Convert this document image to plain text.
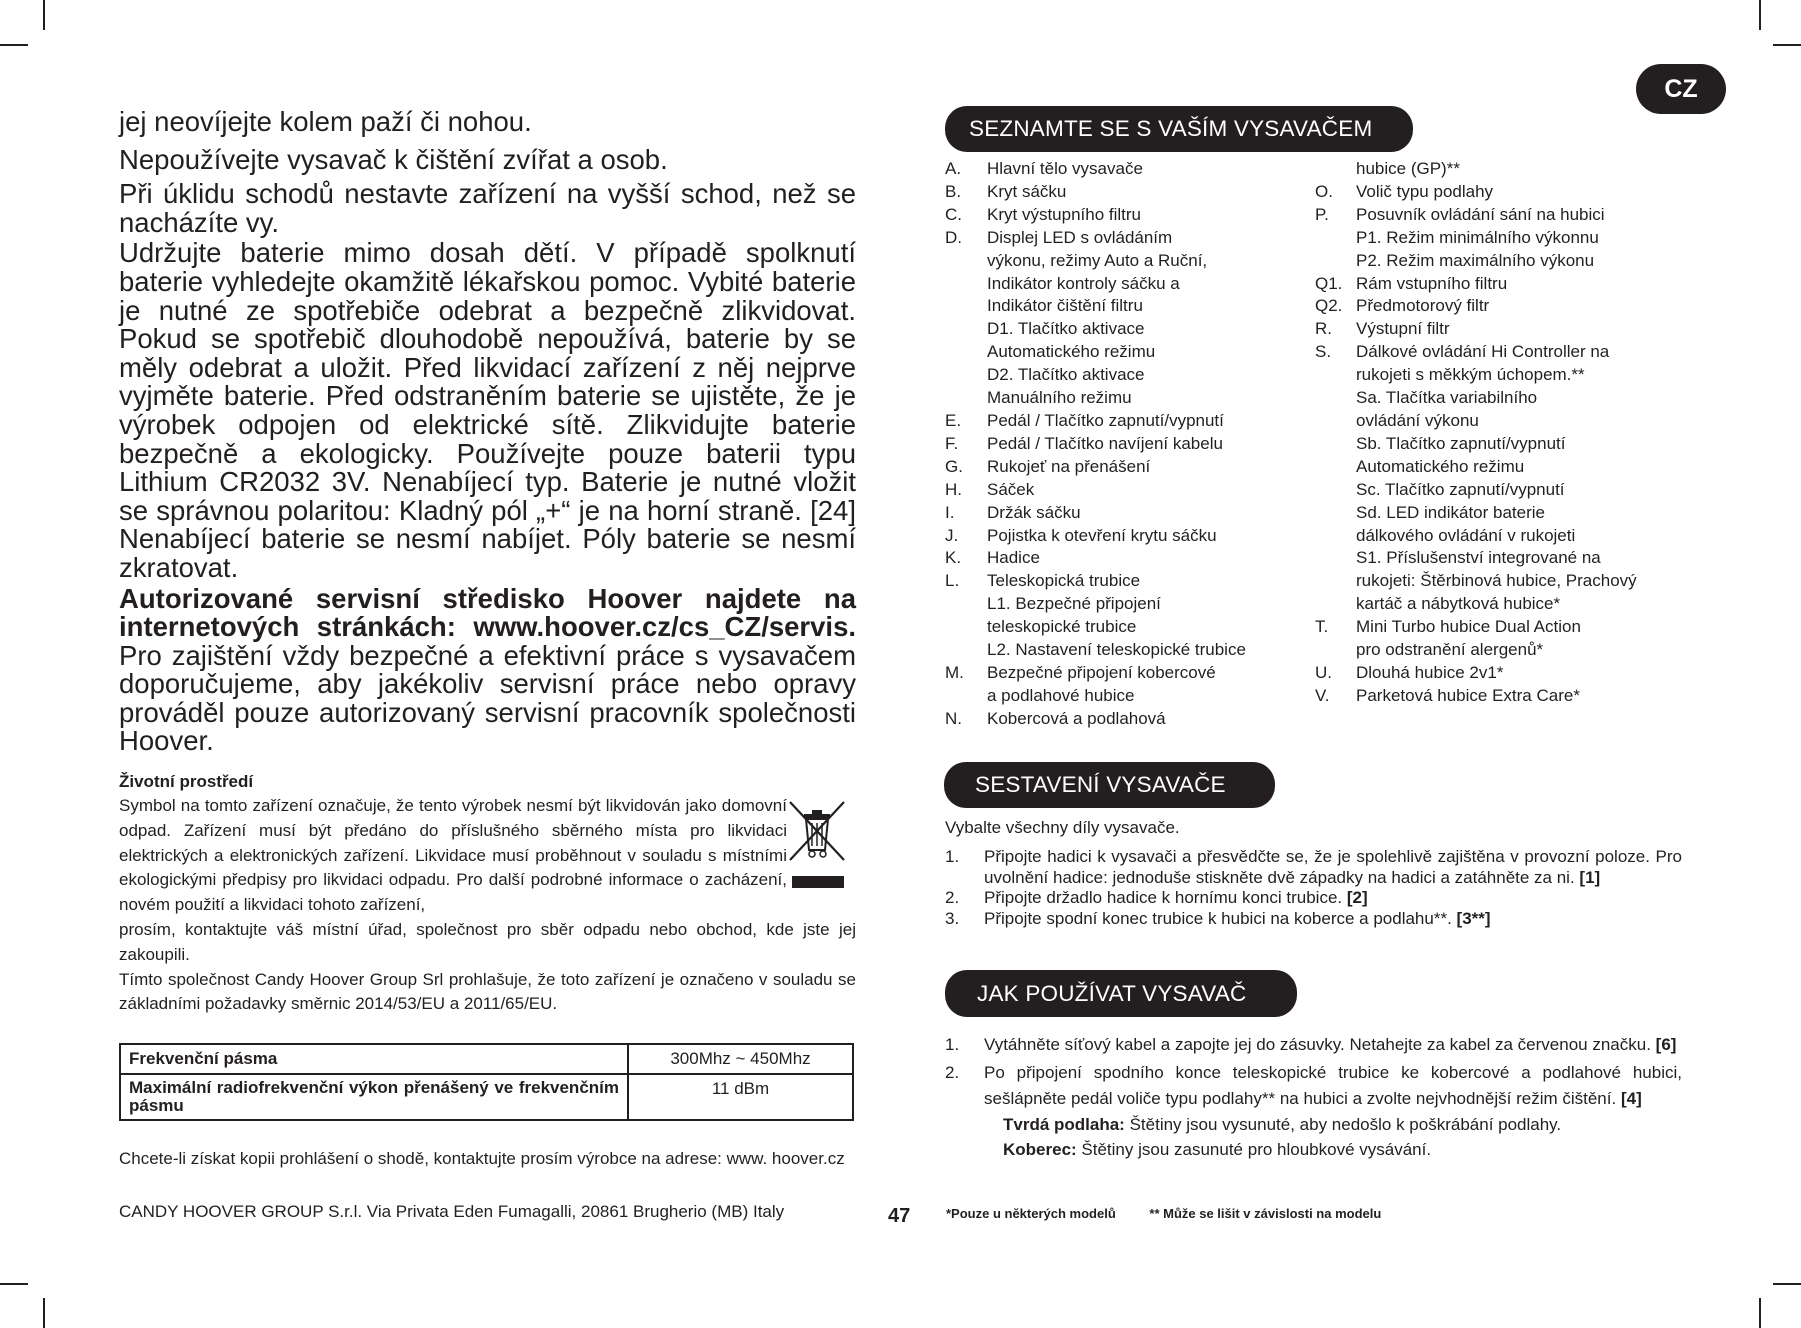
CZ

jej neovíjejte kolem paží či nohou.

Nepoužívejte vysavač k čištění zvířat a osob.

Při úklidu schodů nestavte zařízení na vyšší schod, než se nacházíte vy.

Udržujte baterie mimo dosah dětí. V případě spolknutí baterie vyhledejte okamžitě lékařskou pomoc. Vybité baterie je nutné ze spotřebiče odebrat a bezpečně zlikvidovat. Pokud se spotřebič dlouhodobě nepoužívá, baterie by se měly odebrat a uložit. Před likvidací zařízení z něj nejprve vyjměte baterie. Před odstraněním baterie se ujistěte, že je výrobek odpojen od elektrické sítě. Zlikvidujte baterie bezpečně a ekologicky. Používejte pouze baterii typu Lithium CR2032 3V. Nenabíjecí typ. Baterie je nutné vložit se správnou polaritou: Kladný pól „+“ je na horní straně. [24] Nenabíjecí baterie se nesmí nabíjet. Póly baterie se nesmí zkratovat.

Autorizované servisní středisko Hoover najdete na internetových stránkách: www.hoover.cz/cs_CZ/servis. Pro zajištění vždy bezpečné a efektivní práce s vysavačem doporučujeme, aby jakékoliv servisní práce nebo opravy prováděl pouze autorizovaný servisní pracovník společnosti Hoover.

Životní prostředí

Symbol na tomto zařízení označuje, že tento výrobek nesmí být likvidován jako domovní odpad. Zařízení musí být předáno do příslušného sběrného místa pro likvidaci elektrických a elektronických zařízení. Likvidace musí proběhnout v souladu s místními ekologickými předpisy pro likvidaci odpadu. Pro další podrobné informace o zacházení, novém použití a likvidaci tohoto zařízení,

prosím, kontaktujte váš místní úřad, společnost pro sběr odpadu nebo obchod, kde jste jej zakoupili.

Tímto společnost Candy Hoover Group Srl prohlašuje, že toto zařízení je označeno v souladu se základními požadavky směrnic 2014/53/EU a 2011/65/EU.

Frekvenční pásma	300Mhz ~ 450Mhz
Maximální radiofrekvenční výkon přenášený ve frekvenčním pásmu	11 dBm
Chcete-li získat kopii prohlášení o shodě, kontaktujte prosím výrobce na adrese: www. hoover.cz
CANDY HOOVER GROUP S.r.l. Via Privata Eden Fumagalli, 20861 Brugherio (MB) Italy	47
SEZNAMTE SE S VAŠÍM VYSAVAČEM
A.	Hlavní tělo vysavače
B.	Kryt sáčku
C.	Kryt výstupního filtru
D.	Displej LED s ovládáním
výkonu, režimy Auto a Ruční,
Indikátor kontroly sáčku a
Indikátor čištění filtru
D1. Tlačítko aktivace
Automatického režimu
D2. Tlačítko aktivace
Manuálního režimu
E.	Pedál / Tlačítko zapnutí/vypnutí
F.	Pedál / Tlačítko navíjení kabelu
G.	Rukojeť na přenášení
H.	Sáček
I.	Držák sáčku
J.	Pojistka k otevření krytu sáčku
K.	Hadice
L.	Teleskopická trubice
L1. Bezpečné připojení
teleskopické trubice
L2. Nastavení teleskopické trubice
M.	Bezpečné připojení kobercové
a podlahové hubice
N.	Kobercová a podlahová
hubice (GP)**
O.	Volič typu podlahy
P.	Posuvník ovládání sání na hubici
P1. Režim minimálního výkonnu
P2. Režim maximálního výkonu
Q1. Rám vstupního filtru
Q2. Předmotorový filtr
R.	Výstupní filtr
S.	Dálkové ovládání Hi Controller na
rukojeti s měkkým úchopem.**
Sa. Tlačítka variabilního
ovládání výkonu
Sb. Tlačítko zapnutí/vypnutí
Automatického režimu
Sc. Tlačítko zapnutí/vypnutí
Sd. LED indikátor baterie
dálkového ovládání v rukojeti
S1. Příslušenství integrované na
rukojeti: Štěrbinová hubice, Prachový
kartáč a nábytková hubice*
T.	Mini Turbo hubice Dual Action
pro odstranění alergenů*
U.	Dlouhá hubice 2v1*
V.	Parketová hubice Extra Care*
SESTAVENÍ VYSAVAČE

Vybalte všechny díly vysavače.

1.	Připojte hadici k vysavači a přesvědčte se, že je spolehlivě zajištěna v provozní poloze. Pro uvolnění hadice: jednoduše stiskněte dvě západky na hadici a zatáhněte za ni. [1]
2.	Připojte držadlo hadice k hornímu konci trubice. [2]
3.	Připojte spodní konec trubice k hubici na koberce a podlahu**. [3**]
JAK POUŽÍVAT VYSAVAČ
1.	Vytáhněte síťový kabel a zapojte jej do zásuvky. Netahejte za kabel za červenou značku. [6]
2.	Po připojení spodního konce teleskopické trubice ke kobercové a podlahové hubici, sešlápněte pedál voliče typu podlahy** na hubici a zvolte nejvhodnější režim čištění. [4]
Tvrdá podlaha: Štětiny jsou vysunuté, aby nedošlo k poškrábání podlahy.
Koberec: Štětiny jsou zasunuté pro hloubkové vysávání.
*Pouze u některých modelů	** Může se lišit v závislosti na modelu
